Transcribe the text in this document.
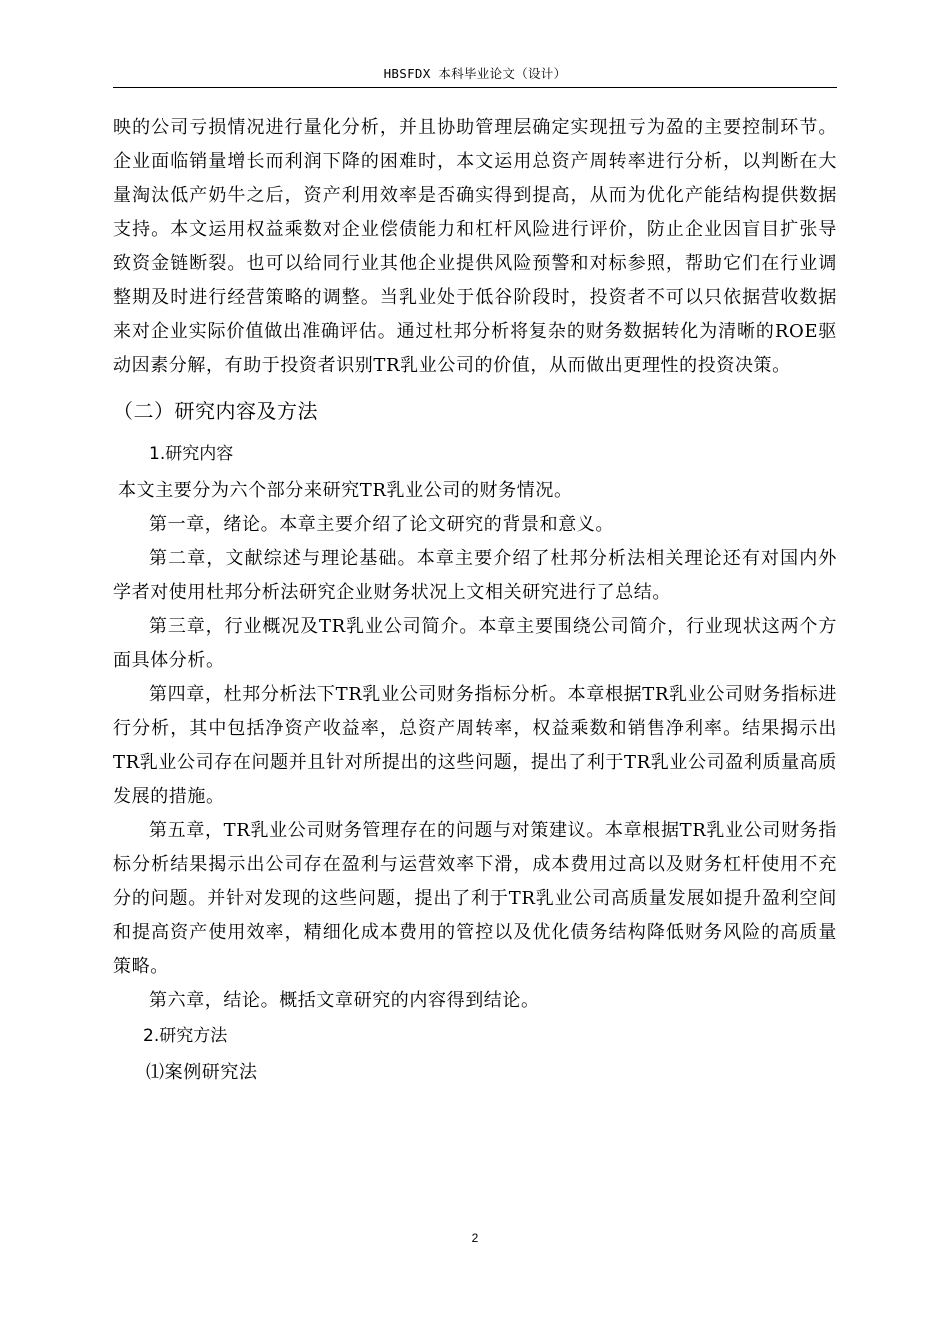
HBSFDX 本科毕业论文（设计）

映的公司亏损情况进行量化分析，并且协助管理层确定实现扭亏为盈的主要控制环节。企业面临销量增长而利润下降的困难时，本文运用总资产周转率进行分析，以判断在大量淘汰低产奶牛之后，资产利用效率是否确实得到提高，从而为优化产能结构提供数据支持。本文运用权益乘数对企业偿债能力和杠杆风险进行评价，防止企业因盲目扩张导致资金链断裂。也可以给同行业其他企业提供风险预警和对标参照，帮助它们在行业调整期及时进行经营策略的调整。当乳业处于低谷阶段时，投资者不可以只依据营收数据来对企业实际价值做出准确评估。通过杜邦分析将复杂的财务数据转化为清晰的ROE驱动因素分解，有助于投资者识别TR乳业公司的价值，从而做出更理性的投资决策。

（二）研究内容及方法
1.研究内容

本文主要分为六个部分来研究TR乳业公司的财务情况。

第一章，绪论。本章主要介绍了论文研究的背景和意义。

第二章，文献综述与理论基础。本章主要介绍了杜邦分析法相关理论还有对国内外学者对使用杜邦分析法研究企业财务状况上文相关研究进行了总结。

第三章，行业概况及TR乳业公司简介。本章主要围绕公司简介，行业现状这两个方面具体分析。

第四章，杜邦分析法下TR乳业公司财务指标分析。本章根据TR乳业公司财务指标进行分析，其中包括净资产收益率，总资产周转率，权益乘数和销售净利率。结果揭示出TR乳业公司存在问题并且针对所提出的这些问题，提出了利于TR乳业公司盈利质量高质发展的措施。

第五章，TR乳业公司财务管理存在的问题与对策建议。本章根据TR乳业公司财务指标分析结果揭示出公司存在盈利与运营效率下滑，成本费用过高以及财务杠杆使用不充分的问题。并针对发现的这些问题，提出了利于TR乳业公司高质量发展如提升盈利空间和提高资产使用效率，精细化成本费用的管控以及优化债务结构降低财务风险的高质量策略。

第六章，结论。概括文章研究的内容得到结论。

2.研究方法

⑴案例研究法

2
